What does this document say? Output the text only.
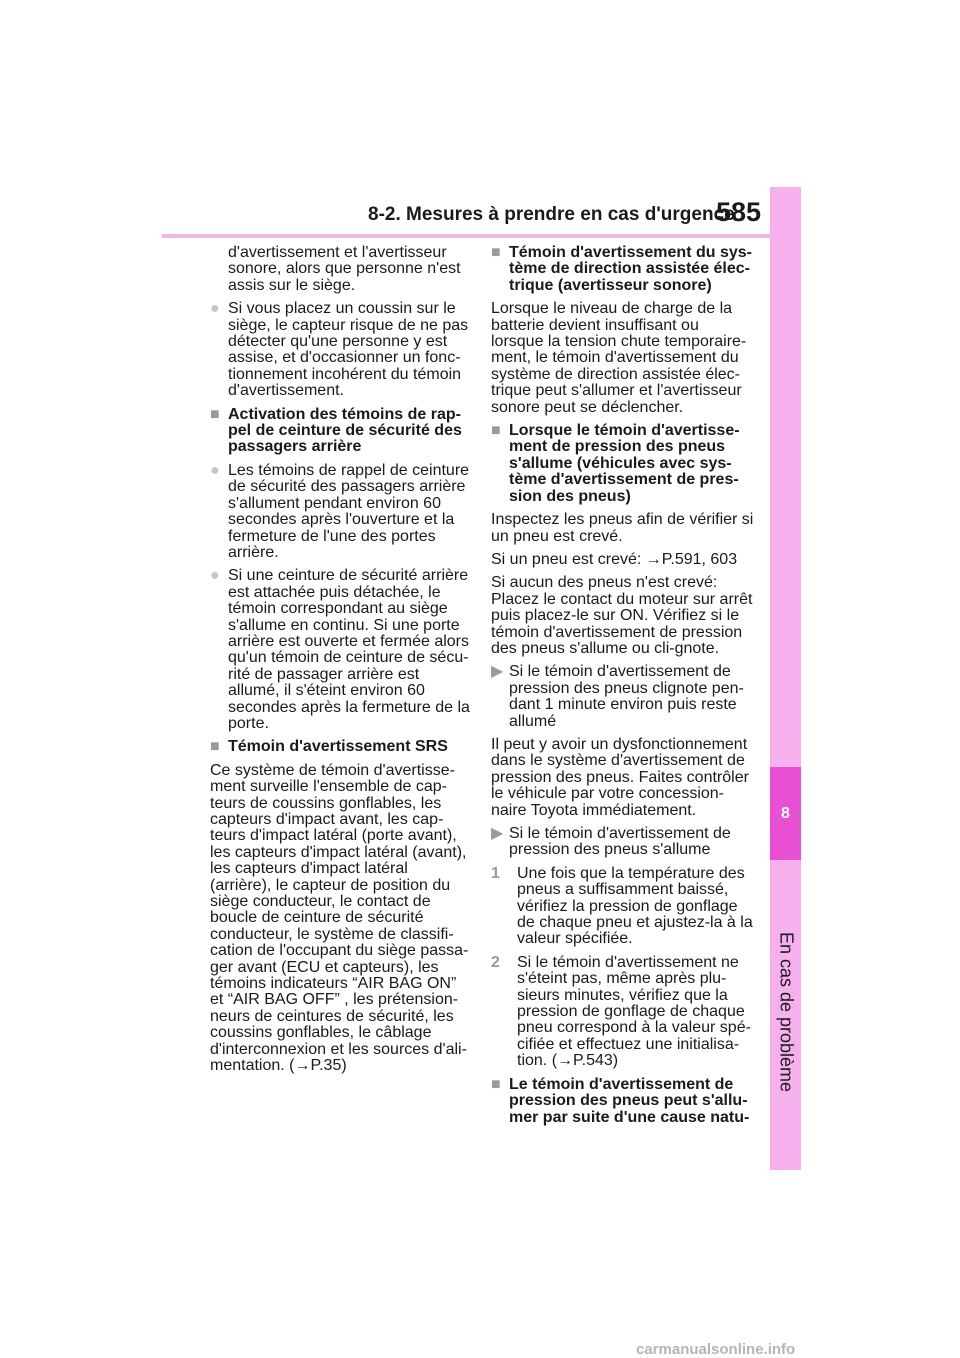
8-2. Mesures à prendre en cas d'urgence
585
8
En cas de problème

d'avertissement et l'avertisseur sonore, alors que personne n'est assis sur le siège.

● Si vous placez un coussin sur le siège, le capteur risque de ne pas détecter qu'une personne y est assise, et d'occasionner un fonc-tionnement incohérent du témoin d'avertissement.
■ Activation des témoins de rap-pel de ceinture de sécurité des passagers arrière
● Les témoins de rappel de ceinture de sécurité des passagers arrière s'allument pendant environ 60 secondes après l'ouverture et la fermeture de l'une des portes arrière.
● Si une ceinture de sécurité arrière est attachée puis détachée, le témoin correspondant au siège s'allume en continu. Si une porte arrière est ouverte et fermée alors qu'un témoin de ceinture de sécu-rité de passager arrière est allumé, il s'éteint environ 60 secondes après la fermeture de la porte.
■ Témoin d'avertissement SRS

Ce système de témoin d'avertisse-ment surveille l'ensemble de cap-teurs de coussins gonflables, les capteurs d'impact avant, les cap-teurs d'impact latéral (porte avant), les capteurs d'impact latéral (avant), les capteurs d'impact latéral (arrière), le capteur de position du siège conducteur, le contact de boucle de ceinture de sécurité conducteur, le système de classifi-cation de l'occupant du siège passa-ger avant (ECU et capteurs), les témoins indicateurs “AIR BAG ON” et “AIR BAG OFF” , les prétension-neurs de ceintures de sécurité, les coussins gonflables, le câblage d'interconnexion et les sources d'ali-mentation. (→P.35)

■ Témoin d'avertissement du sys-tème de direction assistée élec-trique (avertisseur sonore)

Lorsque le niveau de charge de la batterie devient insuffisant ou lorsque la tension chute temporaire-ment, le témoin d'avertissement du système de direction assistée élec-trique peut s'allumer et l'avertisseur sonore peut se déclencher.

■ Lorsque le témoin d'avertisse-ment de pression des pneus s'allume (véhicules avec sys-tème d'avertissement de pres-sion des pneus)

Inspectez les pneus afin de vérifier si un pneu est crevé.

Si un pneu est crevé: →P.591, 603

Si aucun des pneus n'est crevé: Placez le contact du moteur sur arrêt puis placez-le sur ON. Vérifiez si le témoin d'avertissement de pression des pneus s'allume ou cli-gnote.

▶ Si le témoin d'avertissement de pression des pneus clignote pen-dant 1 minute environ puis reste allumé

Il peut y avoir un dysfonctionnement dans le système d'avertissement de pression des pneus. Faites contrôler le véhicule par votre concession-naire Toyota immédiatement.

▶ Si le témoin d'avertissement de pression des pneus s'allume
1 Une fois que la température des pneus a suffisamment baissé, vérifiez la pression de gonflage de chaque pneu et ajustez-la à la valeur spécifiée.
2 Si le témoin d'avertissement ne s'éteint pas, même après plu-sieurs minutes, vérifiez que la pression de gonflage de chaque pneu correspond à la valeur spé-cifiée et effectuez une initialisa-tion. (→P.543)
■ Le témoin d'avertissement de pression des pneus peut s'allu-mer par suite d'une cause natu-
carmanualsonline.info
